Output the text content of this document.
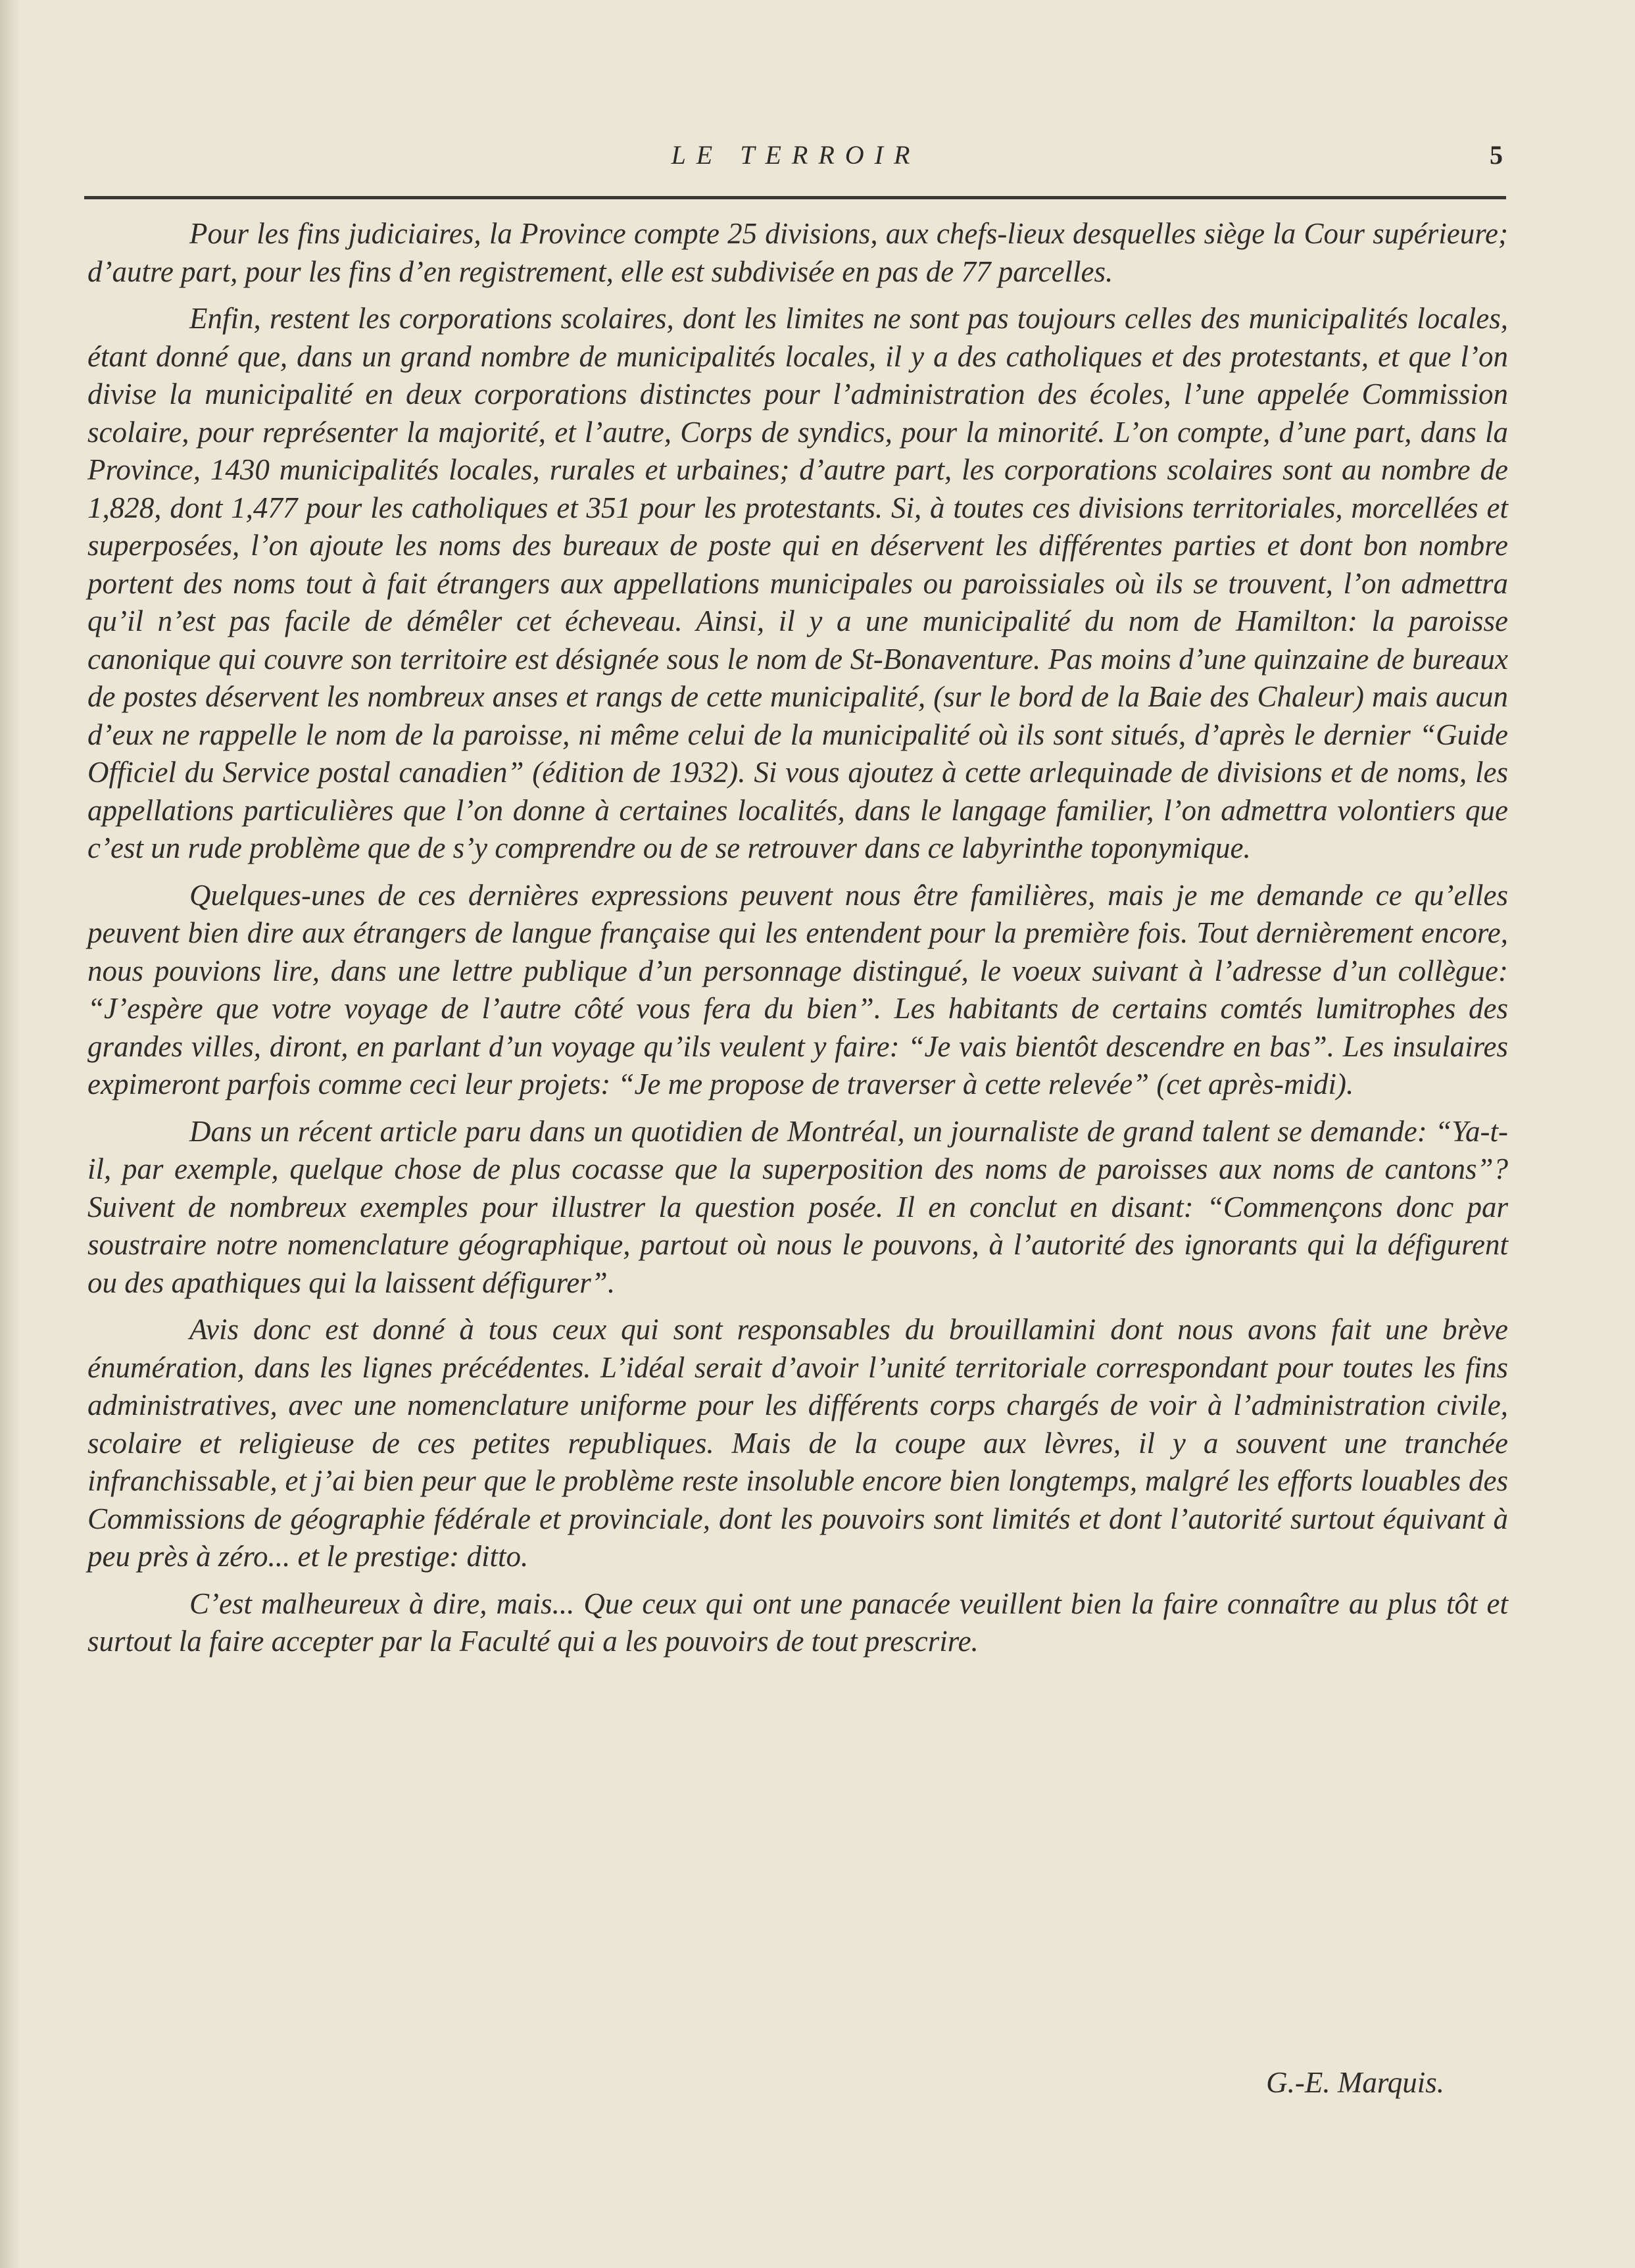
LE TERROIR	5

Pour les fins judiciaires, la Province compte 25 divisions, aux chefs-lieux desquelles siège la Cour supérieure; d’autre part, pour les fins d’en registrement, elle est subdivisée en pas de 77 parcelles.

Enfin, restent les corporations scolaires, dont les limites ne sont pas toujours celles des municipalités locales, étant donné que, dans un grand nombre de municipalités locales, il y a des catholiques et des protestants, et que l’on divise la municipalité en deux corporations distinctes pour l’administration des écoles, l’une appelée Commission scolaire, pour représenter la majorité, et l’autre, Corps de syndics, pour la minorité. L’on compte, d’une part, dans la Province, 1430 municipalités locales, rurales et urbaines; d’autre part, les corporations scolaires sont au nombre de 1,828, dont 1,477 pour les catholiques et 351 pour les protestants. Si, à toutes ces divisions territoriales, morcellées et superposées, l’on ajoute les noms des bureaux de poste qui en déservent les différentes parties et dont bon nombre portent des noms tout à fait étrangers aux appellations municipales ou paroissiales où ils se trouvent, l’on admettra qu’il n’est pas facile de démêler cet écheveau. Ainsi, il y a une municipalité du nom de Hamilton: la paroisse canonique qui couvre son territoire est désignée sous le nom de St-Bonaventure. Pas moins d’une quinzaine de bureaux de postes déservent les nombreux anses et rangs de cette municipalité, (sur le bord de la Baie des Chaleur) mais aucun d’eux ne rappelle le nom de la paroisse, ni même celui de la municipalité où ils sont situés, d’après le dernier “Guide Officiel du Service postal canadien” (édition de 1932). Si vous ajoutez à cette arlequinade de divisions et de noms, les appellations particulières que l’on donne à certaines localités, dans le langage familier, l’on admettra volontiers que c’est un rude problème que de s’y comprendre ou de se retrouver dans ce labyrinthe toponymique.

Quelques-unes de ces dernières expressions peuvent nous être familières, mais je me demande ce qu’elles peuvent bien dire aux étrangers de langue française qui les entendent pour la première fois. Tout dernièrement encore, nous pouvions lire, dans une lettre publique d’un personnage distingué, le voeux suivant à l’adresse d’un collègue: “J’espère que votre voyage de l’autre côté vous fera du bien”. Les habitants de certains comtés lumitrophes des grandes villes, diront, en parlant d’un voyage qu’ils veulent y faire: “Je vais bientôt descendre en bas”. Les insulaires expimeront parfois comme ceci leur projets: “Je me propose de traverser à cette relevée” (cet après-midi).

Dans un récent article paru dans un quotidien de Montréal, un journaliste de grand talent se demande: “Ya-t-il, par exemple, quelque chose de plus cocasse que la superposition des noms de paroisses aux noms de cantons”? Suivent de nombreux exemples pour illustrer la question posée. Il en conclut en disant: “Commençons donc par soustraire notre nomenclature géographique, partout où nous le pouvons, à l’autorité des ignorants qui la défigurent ou des apathiques qui la laissent défigurer”.

Avis donc est donné à tous ceux qui sont responsables du brouillamini dont nous avons fait une brève énumération, dans les lignes précédentes. L’idéal serait d’avoir l’unité territoriale correspondant pour toutes les fins administratives, avec une nomenclature uniforme pour les différents corps chargés de voir à l’administration civile, scolaire et religieuse de ces petites republiques. Mais de la coupe aux lèvres, il y a souvent une tranchée infranchissable, et j’ai bien peur que le problème reste insoluble encore bien longtemps, malgré les efforts louables des Commissions de géographie fédérale et provinciale, dont les pouvoirs sont limités et dont l’autorité surtout équivant à peu près à zéro... et le prestige: ditto.

C’est malheureux à dire, mais... Que ceux qui ont une panacée veuillent bien la faire connaître au plus tôt et surtout la faire accepter par la Faculté qui a les pouvoirs de tout prescrire.

G.-E. Marquis.
